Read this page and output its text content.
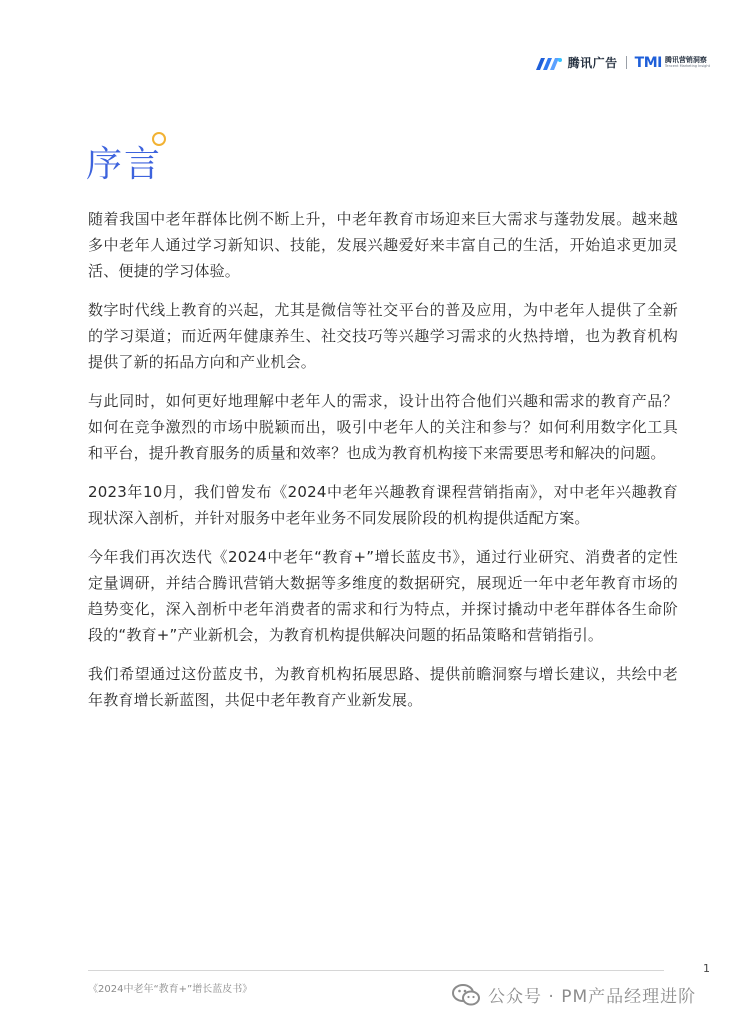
腾讯广告 TMI 腾讯营销洞察
Tencent Marketing Insight
序言

随着我国中老年群体比例不断上升，中老年教育市场迎来巨大需求与蓬勃发展。越来越多中老年人通过学习新知识、技能，发展兴趣爱好来丰富自己的生活，开始追求更加灵活、便捷的学习体验。

数字时代线上教育的兴起，尤其是微信等社交平台的普及应用，为中老年人提供了全新的学习渠道；而近两年健康养生、社交技巧等兴趣学习需求的火热持增，也为教育机构提供了新的拓品方向和产业机会。

与此同时，如何更好地理解中老年人的需求，设计出符合他们兴趣和需求的教育产品？如何在竞争激烈的市场中脱颖而出，吸引中老年人的关注和参与？如何利用数字化工具和平台，提升教育服务的质量和效率？也成为教育机构接下来需要思考和解决的问题。

2023年10月，我们曾发布《2024中老年兴趣教育课程营销指南》，对中老年兴趣教育现状深入剖析，并针对服务中老年业务不同发展阶段的机构提供适配方案。

今年我们再次迭代《2024中老年“教育+”增长蓝皮书》，通过行业研究、消费者的定性定量调研，并结合腾讯营销大数据等多维度的数据研究，展现近一年中老年教育市场的趋势变化，深入剖析中老年消费者的需求和行为特点，并探讨撬动中老年群体各生命阶段的“教育+”产业新机会，为教育机构提供解决问题的拓品策略和营销指引。

我们希望通过这份蓝皮书，为教育机构拓展思路、提供前瞻洞察与增长建议，共绘中老年教育增长新蓝图，共促中老年教育产业新发展。

1
《2024中老年“教育+”增长蓝皮书》	公众号 · PM产品经理进阶
